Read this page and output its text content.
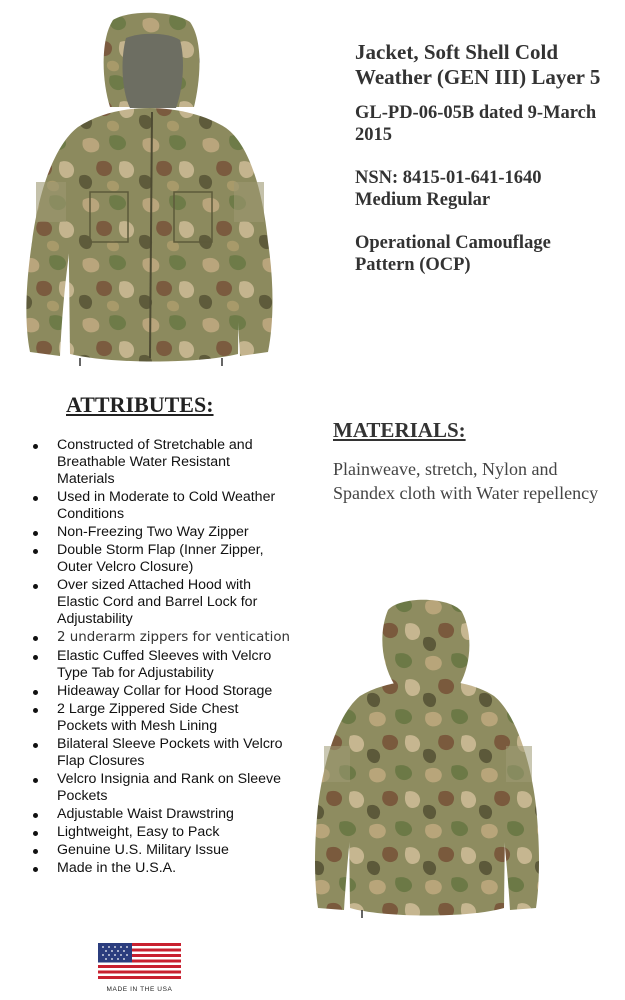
Jacket, Soft Shell Cold Weather (GEN III) Layer 5

GL-PD-06-05B dated 9-March 2015

NSN: 8415-01-641-1640
Medium Regular

Operational Camouflage Pattern (OCP)

ATTRIBUTES:
Constructed of Stretchable and Breathable Water Resistant Materials
Used in Moderate to Cold Weather Conditions
Non-Freezing Two Way Zipper
Double Storm Flap (Inner Zipper, Outer Velcro Closure)
Over sized Attached Hood with Elastic Cord and Barrel Lock for Adjustability
2 underarm zippers for ventication
Elastic Cuffed Sleeves with Velcro Type Tab for Adjustability
Hideaway Collar for Hood Storage
2 Large Zippered Side Chest Pockets with Mesh Lining
Bilateral Sleeve Pockets with Velcro Flap Closures
Velcro Insignia and Rank on Sleeve Pockets
Adjustable Waist Drawstring
Lightweight, Easy to Pack
Genuine U.S. Military Issue
Made in the U.S.A.
MATERIALS:

Plainweave, stretch, Nylon and Spandex cloth with Water repellency

MADE IN THE USA
